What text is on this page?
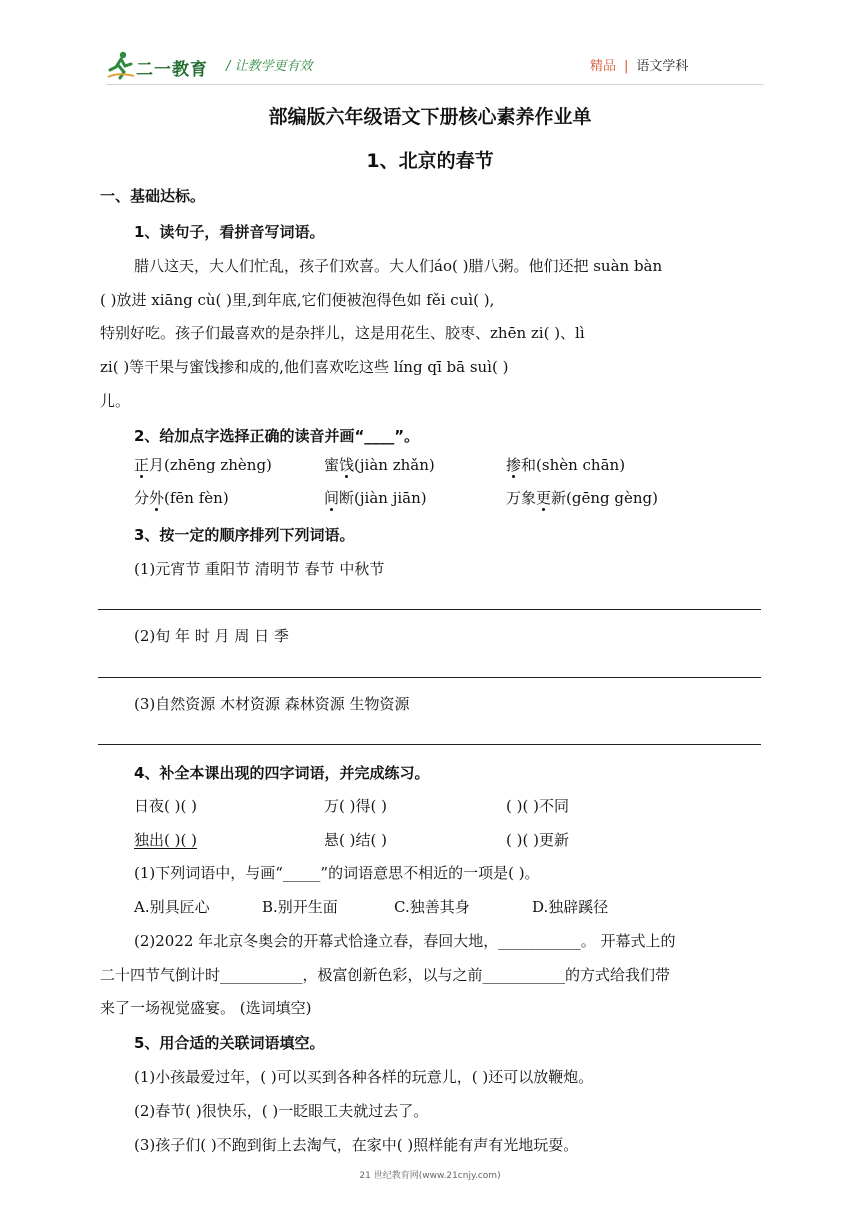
二一教育 / 让教学更有效	精品 | 语文学科
部编版六年级语文下册核心素养作业单
1、北京的春节
一、基础达标。
1、读句子，看拼音写词语。
腊八这天，大人们忙乱，孩子们欢喜。大人们áo( )腊八粥。他们还把 suàn bàn
( )放进 xiāng cù( )里,到年底,它们便被泡得色如 fěi cuì( ),
特别好吃。孩子们最喜欢的是杂拌儿，这是用花生、胶枣、zhēn zi( )、lì
zi( )等干果与蜜饯掺和成的,他们喜欢吃这些 líng qī bā suì( )
儿。
2、给加点字选择正确的读音并画“____”。
正月(zhēng zhèng)	蜜饯(jiàn zhǎn)	掺和(shèn chān)
分外(fēn fèn)	间断(jiàn jiān)	万象更新(gēng gèng)
3、按一定的顺序排列下列词语。
(1)元宵节 重阳节 清明节 春节 中秋节
(2)旬 年 时 月 周 日 季
(3)自然资源 木材资源 森林资源 生物资源
4、补全本课出现的四字词语，并完成练习。
日夜( )( )	万( )得( )	( )( )不同
独出( )( )	悬( )结( )	( )( )更新
(1)下列词语中，与画“_____”的词语意思不相近的一项是( )。
A.别具匠心	B.别开生面	C.独善其身	D.独辟蹊径
(2)2022 年北京冬奥会的开幕式恰逢立春，春回大地，___________。 开幕式上的
二十四节气倒计时___________，极富创新色彩，以与之前___________的方式给我们带
来了一场视觉盛宴。 (选词填空)
5、用合适的关联词语填空。
(1)小孩最爱过年，( )可以买到各种各样的玩意儿，( )还可以放鞭炮。
(2)春节( )很快乐，( )一眨眼工夫就过去了。
(3)孩子们( )不跑到街上去淘气，在家中( )照样能有声有光地玩耍。
21 世纪教育网(www.21cnjy.com)
